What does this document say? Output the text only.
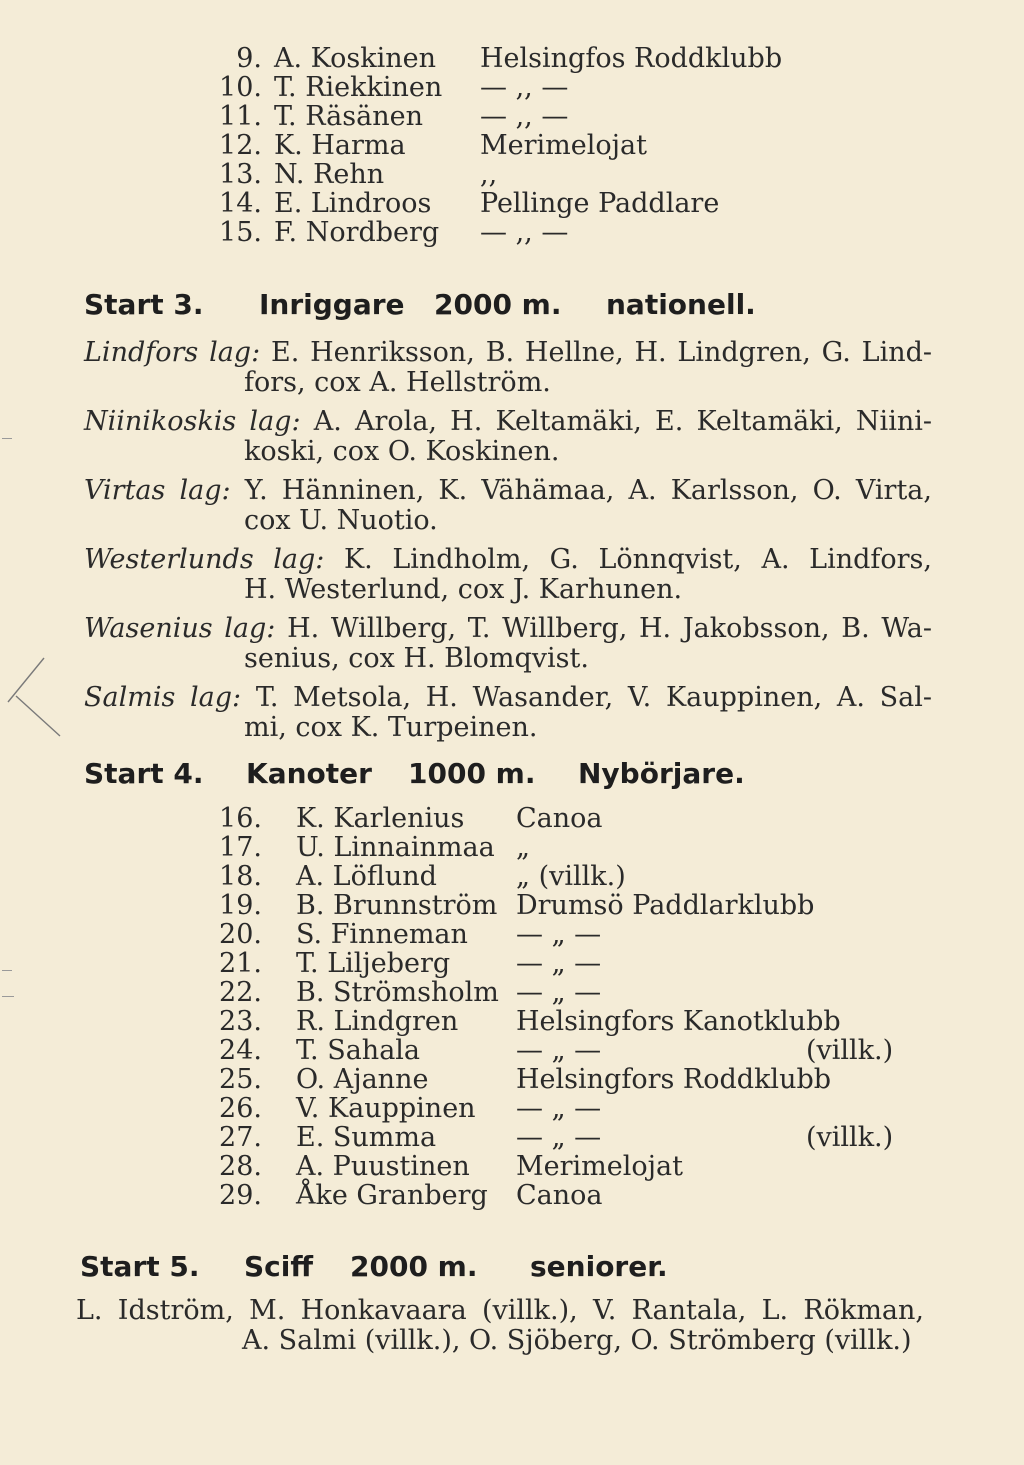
9. A. Koskinen Helsingfos Roddklubb
10. T. Riekkinen — ,, —
11. T. Räsänen — ,, —
12. K. Harma	Merimelojat
13. N. Rehn	,,
14. E. Lindroos Pellinge Paddlare
15. F. Nordberg — ,, —
Start 3. Inriggare 2000 m. nationell.
Lindfors lag: E. Henriksson, B. Hellne, H. Lindgren, G. Lind-
fors, cox A. Hellström.
Niinikoskis lag: A. Arola, H. Keltamäki, E. Keltamäki, Niini-
koski, cox O. Koskinen.
Virtas lag: Y. Hänninen, K. Vähämaa, A. Karlsson, O. Virta,
cox U. Nuotio.
Westerlunds lag: K. Lindholm, G. Lönnqvist, A. Lindfors,
H. Westerlund, cox J. Karhunen.
Wasenius lag: H. Willberg, T. Willberg, H. Jakobsson, B. Wa-
senius, cox H. Blomqvist.
Salmis lag: T. Metsola, H. Wasander, V. Kauppinen, A. Sal-
mi, cox K. Turpeinen.
Start 4. Kanoter 1000 m. Nybörjare.
16. K. Karlenius Canoa
17. U. Linnainmaa „
18. A. Löflund	„ (villk.)
19. B. Brunnström Drumsö Paddlarklubb
20. S. Finneman — „ —
21. T. Liljeberg — „ —
22. B. Strömsholm — „ —
23. R. Lindgren Helsingfors Kanotklubb
24. T. Sahala	— „ —	(villk.)
25. O. Ajanne	Helsingfors Roddklubb
26. V. Kauppinen — „ —
27. E. Summa	— „ —	(villk.)
28. A. Puustinen Merimelojat
29. Åke Granberg Canoa
Start 5. Sciff 2000 m. seniorer.
L. Idström, M. Honkavaara (villk.), V. Rantala, L. Rökman,
A. Salmi (villk.), O. Sjöberg, O. Strömberg (villk.)
